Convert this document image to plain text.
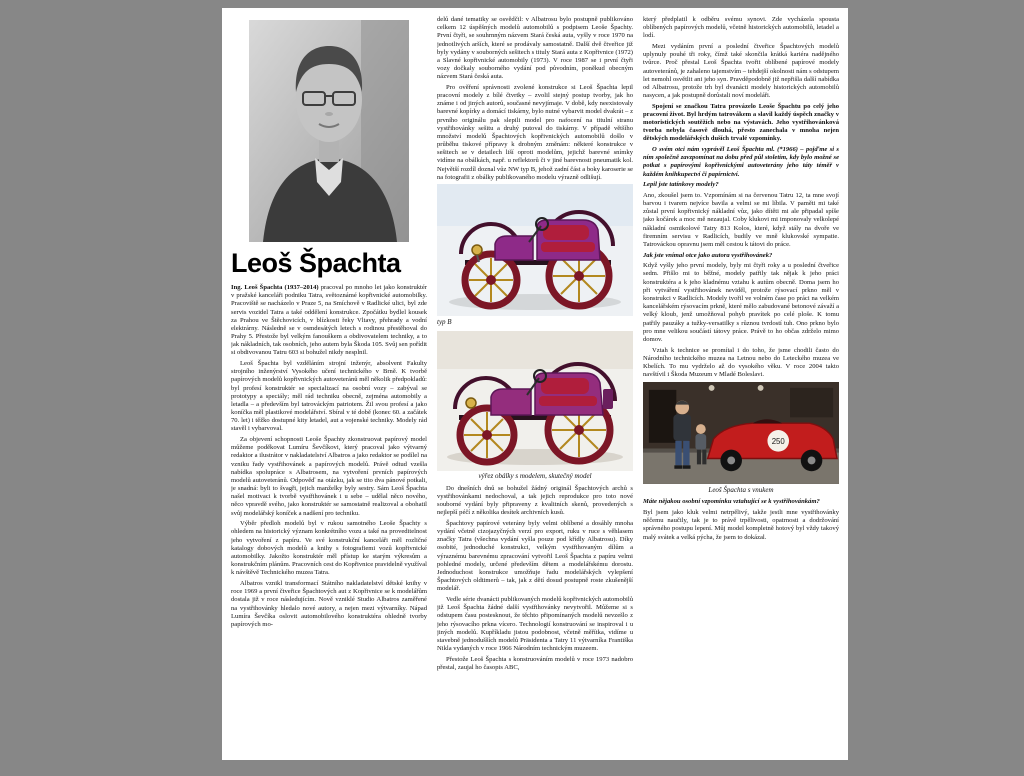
Leoš Špachta

Ing. Leoš Špachta (1937–2014) pracoval po mnoho let jako konstruktér v pražské kanceláři podniku Tatra, světoznámé kopřivnické automobilky. Pracoviště se nacházelo v Praze 5, na Smíchově v Radlické ulici, byl zde servis vozidel Tatra a také oddělení konstrukce. Zpočátku bydlel kousek za Prahou ve Štěchovicích, v blízkosti řeky Vltavy, přehrady a vodní elektrárny. Následně se v osmdesátých letech s rodinou přestěhoval do Prahy 5. Přestože byl velkým fanouškem a obdivovatelem techniky, a to jak nákladních, tak osobních, jeho autem byla Škoda 105. Svůj sen pořídit si obdivovanou Tatru 603 si bohužel nikdy nesplnil.

Leoš Špachta byl vzděláním strojní inženýr, absolvent Fakulty strojního inženýrství Vysokého učení technického v Brně. K tvorbě papírových modelů kopřivnických autoveteránů měl několik předpokladů: byl profesí konstruktér se specializací na osobní vozy – zabýval se prototypy a speciály; měl rád techniku obecně, zejména automobily a letadla – a především byl tatrováckým patriotem. Žil svou profesí a jako koníčka měl plastikové modelářství. Sbíral v té době (konec 60. a začátek 70. let) i těžko dostupné kity letadel, aut a vojenské techniky. Modely rád stavěl i vybarvoval.

Za objevení schopnosti Leoše Špachty zkonstruovat papírový model můžeme poděkovat Lumíru Ševčíkovi, který pracoval jako výtvarný redaktor a ilustrátor v nakladatelství Albatros a jako redaktor se podílel na vzniku řady vystřihovánek a papírových modelů. Právě odtud vzešla nabídka spolupráce s Albatrosem, na vytvoření prvních papírových modelů autoveteránů. Odpověď na otázku, jak se tito dva pánové potkali, je snadná: byli to švagři, jejich manželky byly sestry. Sám Leoš Špachta našel motivaci k tvorbě vystřihovánek i u sebe – udělal něco nového, něco vpravdě svého, jako konstruktér se samostatně realizoval a obohatil svůj modelářský koníček a nadšení pro techniku.

Výběr předloh modelů byl v rukou samotného Leoše Špachty s ohledem na historický význam konkrétního vozu a také na proveditelnost jeho vytvoření z papíru. Ve své konstrukční kanceláři měl rozličné katalogy dobových modelů a knihy s fotografiemi vozů kopřivnické automobilky. Jakožto konstruktér měl přístup ke starým výkresům a konstrukčním plánům. Pracovních cest do Kopřivnice pravidelně využíval k návštěvě Technického muzea Tatra.

Albatros vznikl transformací Státního nakladatelství dětské knihy v roce 1969 a první čtveřice Špachtových aut z Kopřivnice se k modelářům dostala již v roce následujícím. Nově vzniklé Studio Albatros zaměřené na vystřihovánky hledalo nové autory, a nejen mezi výtvarníky. Nápad Lumíra Ševčíka oslovit automobilového konstruktéra ohledně tvorby papírových mo-

delů dané tematiky se osvědčil: v Albatrosu bylo postupně publikováno celkem 12 úspěšných modelů automobilů s podpisem Leoše Špachty. První čtyři, se souhrnným názvem Stará česká auta, vyšly v roce 1970 na jednotlivých arších, které se prodávaly samostatně. Další dvě čtveřice již byly vydány v souborných sešitech s tituly Stará auta z Kopřivnice (1972) a Slavné kopřivnické automobily (1973). V roce 1987 se i první čtyři vozy dočkaly souborného vydání pod původním, poněkud obecným názvem Stará česká auta.

Pro ověření správnosti zvolené konstrukce si Leoš Špachta lepil pracovní modely z bílé čtvrtky – zvolil stejný postup tvorby, jak ho známe i od jiných autorů, současné nevyjímaje. V době, kdy neexistovaly barevné kopírky a domácí tiskárny, bylo nutné vybarvit model dvakrát – z prvního originálu pak slepili model pro nafocení na titulní stranu vystřihovánky sešitu a druhý putoval do tiskárny. V případě většího množství modelů Špachtových kopřivnických automobilů došlo v průběhu tiskové přípravy k drobným změnám: některé konstrukce v sešitech se v detailech liší oproti modelům, jejichž barevné snímky vidíme na obálkách, např. u reflektorů či v jiné barevnosti pneumatik kol. Největší rozdíl doznal vůz NW typ B, jehož zadní část a boky karoserie se na fotografii z obálky publikovaného modelu výrazně odlišují.

typ B
výřez obálky s modelem, skutečný model

Do dnešních dnů se bohužel žádný originál Špachtových archů s vystřihovánkami nedochoval, a tak jejich reprodukce pro toto nové souborné vydání byly připraveny z kvalitních skenů, provedených s nejlepší péčí z několika desítek archivních kusů.

Špachtovy papírové veterány byly velmi oblíbené a dosáhly mnoha vydání včetně cizojazyčných verzí pro export, ruku v ruce s věhlasem značky Tatra (všechna vydání vyšla pouze pod křídly Albatrosu). Díky osobité, jednoduché konstrukci, velkým vystřihovaným dílům a výraznému barevnému zpracování vytvořil Leoš Špachta z papíru velmi pohledné modely, určené především dětem a modelářskému dorostu. Jednoduchost konstrukce umožňuje řadu modelářských vylepšení Špachtových oldtimerů – tak, jak z dětí dosud postupně roste zkušenější modelář.

Vedle série dvanácti publikovaných modelů kopřivnických automobilů již Leoš Špachta žádné další vystřihovánky nevytvořil. Můžeme si s odstupem času postesknout, že těchto připomínaných modelů nevzešlo z jeho rýsovacího prkna vícero. Technologií konstruování se inspiroval i u jiných modelů. Kupříkladu jistou podobnost, včetně měřítka, vidíme u stavebně jednodušších modelů Präsidenta a Tatry 11 výtvarníka Františka Nikla vydaných v roce 1966 Národním technickým muzeem.

Přestože Leoš Špachta s konstruováním modelů v roce 1973 nadobro přestal, zaujal ho časopis ABC,

který předplatil k odběru svému synovi. Zde vycházela spousta oblíbených papírových modelů, včetně historických automobilů, letadel a lodí.

Mezi vydáním první a poslední čtveřice Špachtových modelů uplynuly pouhé tři roky, čímž také skončila krátká kariéra nadějného tvůrce. Proč přestal Leoš Špachta tvořit oblíbené papírové modely autoveteránů, je zahaleno tajemstvím – tehdejší okolnosti nám s odstupem let nemohl osvětlit ani jeho syn. Pravděpodobně již nepřišla další nabídka od Albatrosu, protože trh byl dvanácti modely historických automobilů nasycen, a jak postupně dorůstali noví modeláři.

Spojení se značkou Tatra provázelo Leoše Špachtu po celý jeho pracovní život. Byl hrdým tatrovákem a slavil každý úspěch značky v motoristických soutěžích nebo na výstavách. Jeho vystřihovánková tvorba nebyla časově dlouhá, přesto zanechala v mnoha nejen dětských modelářských duších trvalé vzpomínky.

O svém otci nám vyprávěl Leoš Špachta ml. (*1966) – pojďme si s ním společně zavzpomínat na dobu před půl stoletím, kdy bylo možné se potkat s papírovými kopřivnickými autoveterány jeho táty téměř v každém knihkupectví či papírnictví.

Lepil jste tatínkovy modely?

Ano, zkoušel jsem to. Vzpomínám si na červenou Tatru 12, ta mne svojí barvou i tvarem nejvíce bavila a velmi se mi líbila. V paměti mi také zůstal první kopřivnický nákladní vůz, jako dítěti mi ale připadal spíše jako kočárek a moc mě nezaujal. Coby klukovi mi imponovaly velkolepé nákladní osmikolové Tatry 813 Kolos, které, když stály na dvoře ve firemním servisu v Radlicích, budily ve mně klukovské sympatie. Tatrováckou opravnu jsem měl cestou k tátovi do práce.

Jak jste vnímal otce jako autora vystřihovánek?

Když vyšly jeho první modely, byly mi čtyři roky a u poslední čtveřice sedm. Přišlo mi to běžné, modely patřily tak nějak k jeho práci konstruktéra a k jeho kladnému vztahu k autům obecně. Doma jsem ho při vytváření vystřihovánek neviděl, protože rýsovací prkno měl v konstrukci v Radlicích. Modely tvořil ve volném čase po práci na velkém kancelářském rýsovacím prkně, které mělo zabudované betonové závaží a velký kloub, jenž umožňoval pohyb pravítek po celé ploše. K tomu patřily pauzáky a tužky-versatilky s různou tvrdostí tuh. Ono prkno bylo pro mne velikou součástí tátovy práce. Právě to ho občas zdrželo mimo domov.

Vztah k technice se promítal i do toho, že jsme chodili často do Národního technického muzea na Letnou nebo do Leteckého muzea ve Kbelích. To mu vydrželo až do vysokého věku. V roce 2004 takto navštívil i Škoda Muzeum v Mladé Boleslavi.

250
Leoš Špachta s vnukem

Máte nějakou osobní vzpomínku vztahující se k vystřihovánkám?

Byl jsem jako kluk velmi netrpělivý, takže jestli mne vystřihovánky něčemu naučily, tak je to právě trpělivosti, opatrnosti a dodržování správného postupu lepení. Můj model kompletně hotový byl vždy takový malý svátek a velká pýcha, že jsem to dokázal.
